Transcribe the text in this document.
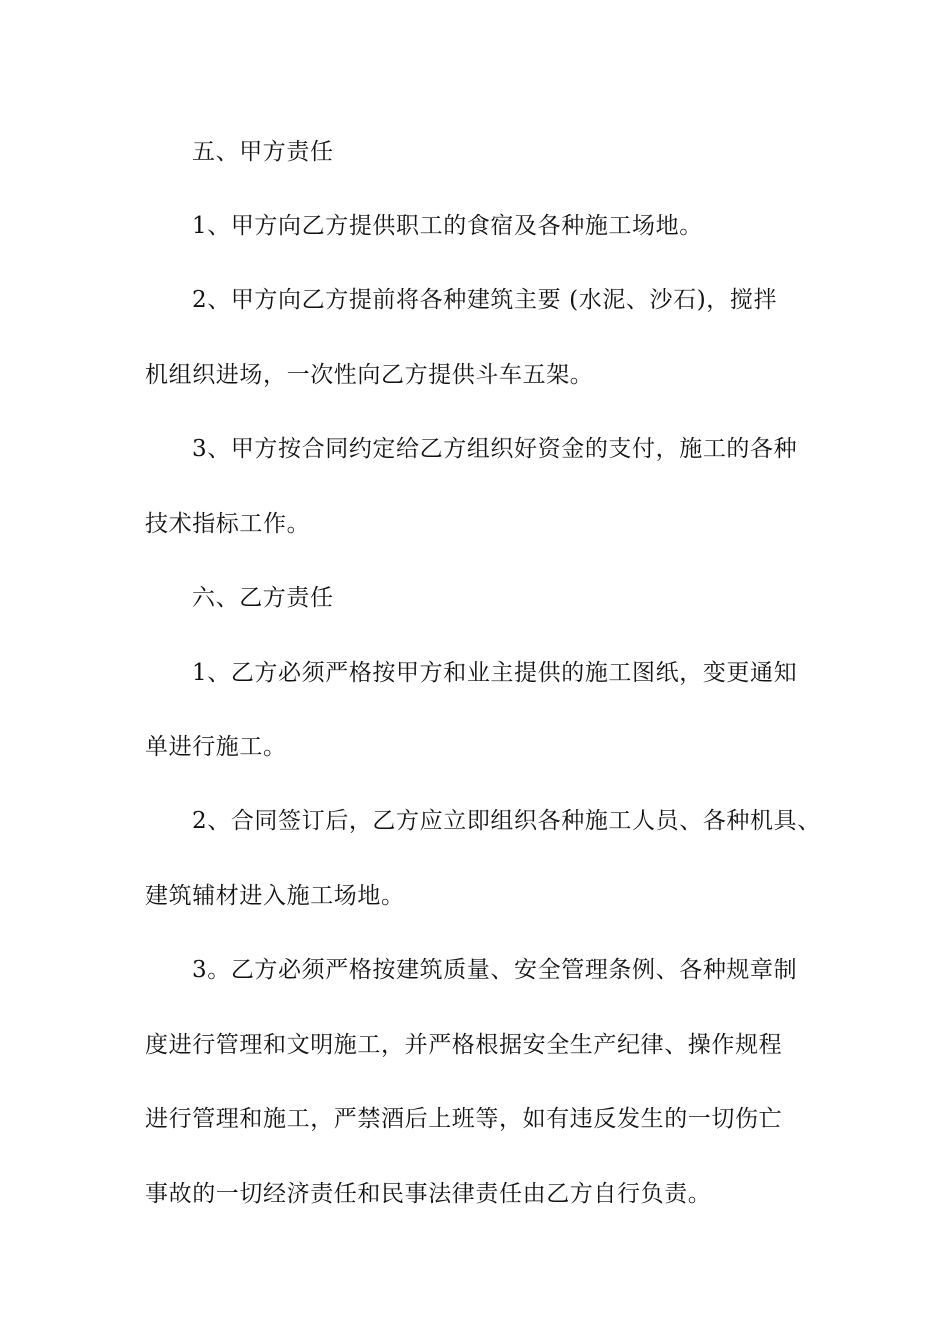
五、甲方责任
1、甲方向乙方提供职工的食宿及各种施工场地。
2、甲方向乙方提前将各种建筑主要 (水泥、沙石)，搅拌
机组织进场，一次性向乙方提供斗车五架。
3、甲方按合同约定给乙方组织好资金的支付，施工的各种
技术指标工作。
六、乙方责任
1、乙方必须严格按甲方和业主提供的施工图纸，变更通知
单进行施工。
2、合同签订后，乙方应立即组织各种施工人员、各种机具、
建筑辅材进入施工场地。
3。乙方必须严格按建筑质量、安全管理条例、各种规章制
度进行管理和文明施工，并严格根据安全生产纪律、操作规程
进行管理和施工，严禁酒后上班等，如有违反发生的一切伤亡
事故的一切经济责任和民事法律责任由乙方自行负责。
